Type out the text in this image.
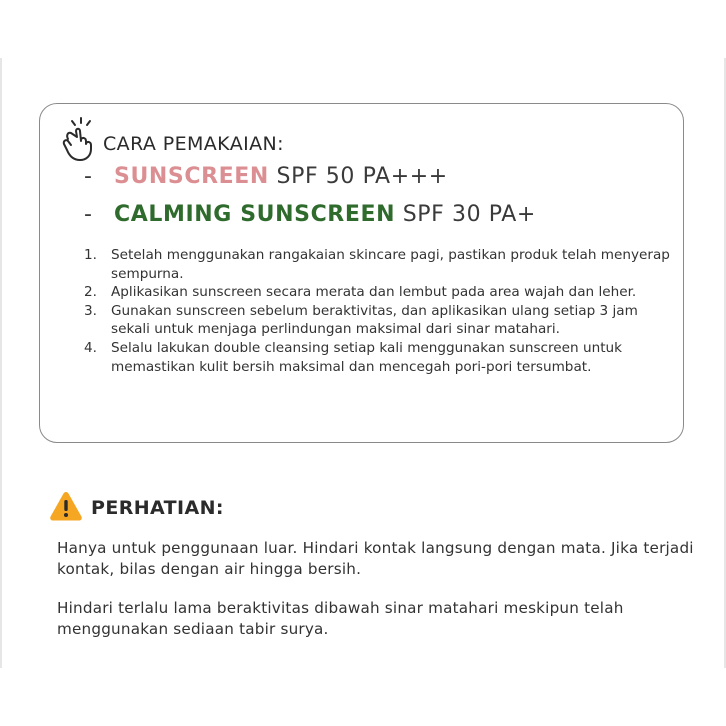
CARA PEMAKAIAN:
- SUNSCREEN SPF 50 PA+++
- CALMING SUNSCREEN SPF 30 PA+
1.	Setelah menggunakan rangakaian skincare pagi, pastikan produk telah menyerap sempurna.
2.	Aplikasikan sunscreen secara merata dan lembut pada area wajah dan leher.
3.	Gunakan sunscreen sebelum beraktivitas, dan aplikasikan ulang setiap 3 jam sekali untuk menjaga perlindungan maksimal dari sinar matahari.
4.	Selalu lakukan double cleansing setiap kali menggunakan sunscreen untuk memastikan kulit bersih maksimal dan mencegah pori-pori tersumbat.
PERHATIAN:
Hanya untuk penggunaan luar. Hindari kontak langsung dengan mata. Jika terjadi kontak, bilas dengan air hingga bersih.
Hindari terlalu lama beraktivitas dibawah sinar matahari meskipun telah menggunakan sediaan tabir surya.
